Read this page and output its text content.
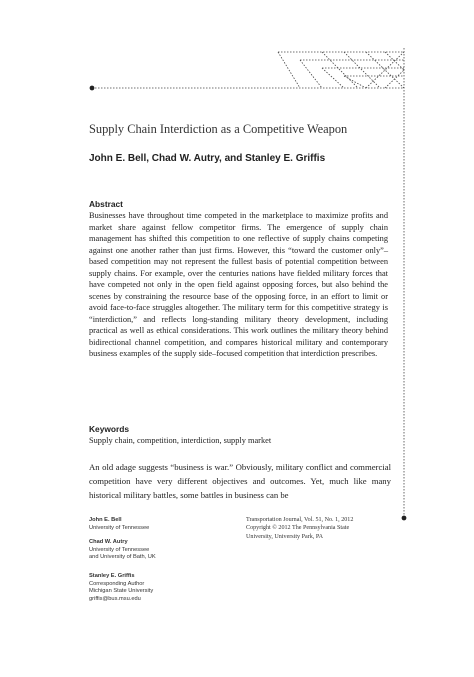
Supply Chain Interdiction as a Competitive Weapon
John E. Bell, Chad W. Autry, and Stanley E. Griffis
Abstract
Businesses have throughout time competed in the marketplace to maximize profits and market share against fellow competitor firms. The emergence of supply chain management has shifted this competition to one reflective of supply chains competing against one another rather than just firms. However, this “toward the customer only”–based competition may not represent the fullest basis of potential competition between supply chains. For example, over the centuries nations have fielded military forces that have competed not only in the open field against opposing forces, but also behind the scenes by constraining the resource base of the opposing force, in an effort to limit or avoid face-to-face struggles altogether. The military term for this competitive strategy is “interdiction,” and reflects long-standing military theory development, including practical as well as ethical considerations. This work outlines the military theory behind bidirectional channel competition, and compares historical military and contemporary business examples of the supply side–focused competition that interdiction prescribes.
Keywords
Supply chain, competition, interdiction, supply market
An old adage suggests “business is war.” Obviously, military conflict and commercial competition have very different objectives and outcomes. Yet, much like many historical military battles, some battles in business can be
John E. Bell
University of Tennessee
Chad W. Autry
University of Tennessee
and University of Bath, UK
Stanley E. Griffis
Corresponding Author
Michigan State University
griffis@bus.msu.edu
Transportation Journal, Vol. 51, No. 1, 2012
Copyright © 2012 The Pennsylvania State
University, University Park, PA
